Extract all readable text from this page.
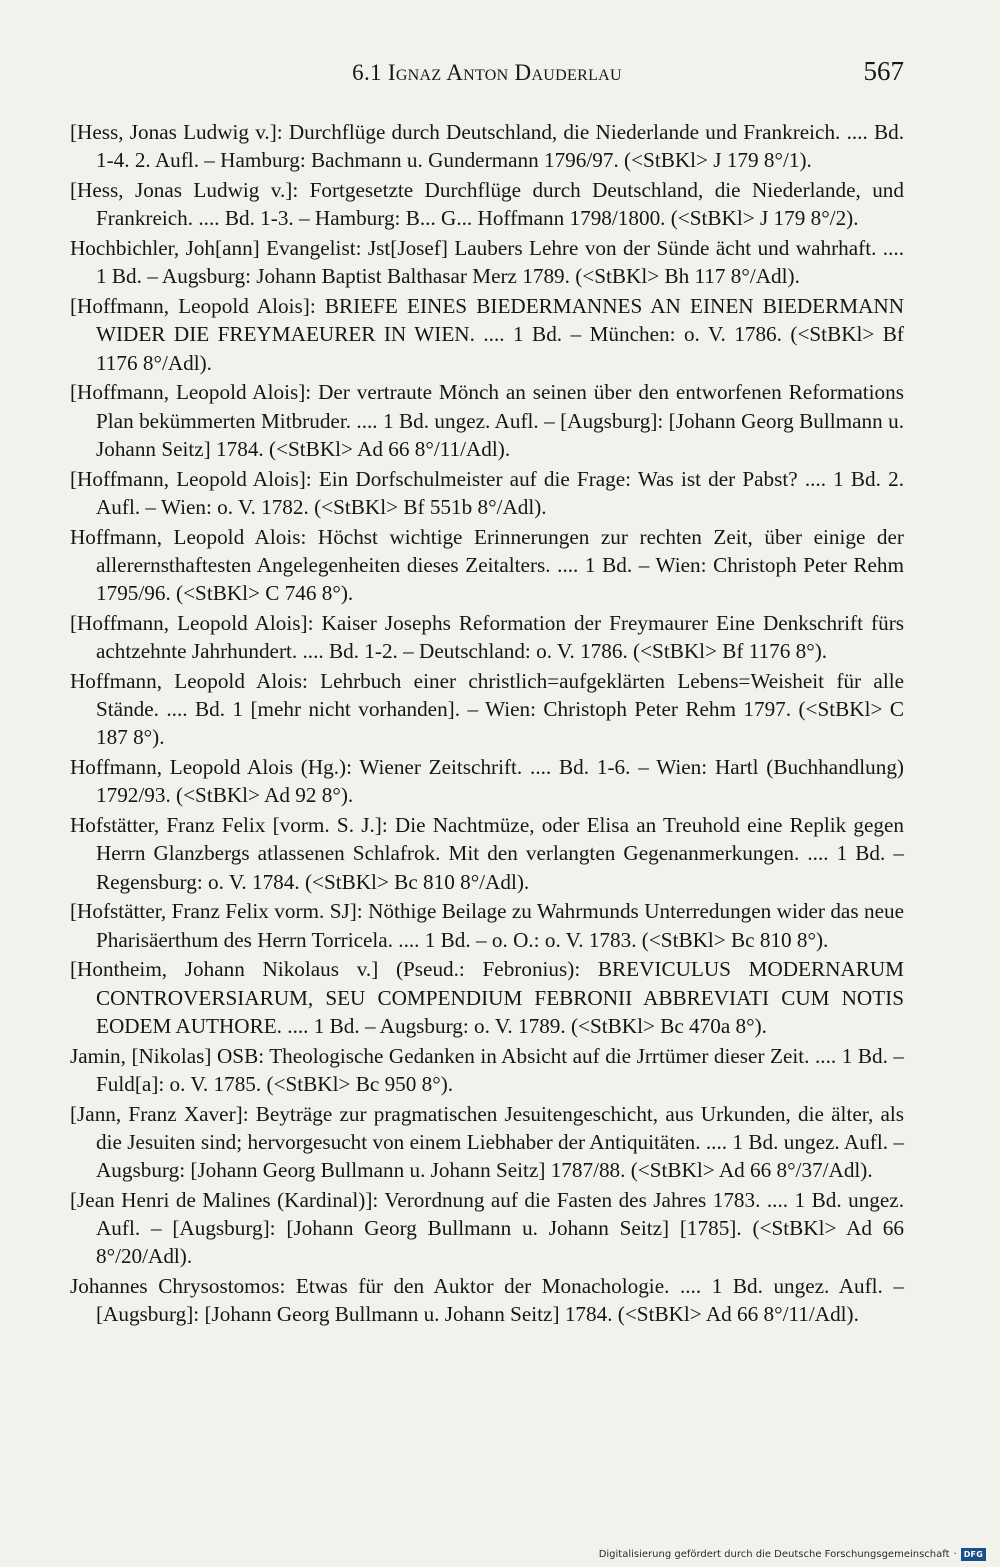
6.1 Ignaz Anton Dauderlau	567
[Hess, Jonas Ludwig v.]: Durchflüge durch Deutschland, die Niederlande und Frankreich. .... Bd. 1-4. 2. Aufl. – Hamburg: Bachmann u. Gundermann 1796/97. (<StBKl> J 179 8°/1).
[Hess, Jonas Ludwig v.]: Fortgesetzte Durchflüge durch Deutschland, die Niederlande, und Frankreich. .... Bd. 1-3. – Hamburg: B... G... Hoffmann 1798/1800. (<StBKl> J 179 8°/2).
Hochbichler, Joh[ann] Evangelist: Jst[Josef] Laubers Lehre von der Sünde ächt und wahrhaft. .... 1 Bd. – Augsburg: Johann Baptist Balthasar Merz 1789. (<StBKl> Bh 117 8°/Adl).
[Hoffmann, Leopold Alois]: BRIEFE EINES BIEDERMANNES AN EINEN BIEDERMANN WIDER DIE FREYMAEURER IN WIEN. .... 1 Bd. – München: o. V. 1786. (<StBKl> Bf 1176 8°/Adl).
[Hoffmann, Leopold Alois]: Der vertraute Mönch an seinen über den entworfenen Reformations Plan bekümmerten Mitbruder. .... 1 Bd. ungez. Aufl. – [Augsburg]: [Johann Georg Bullmann u. Johann Seitz] 1784. (<StBKl> Ad 66 8°/11/Adl).
[Hoffmann, Leopold Alois]: Ein Dorfschulmeister auf die Frage: Was ist der Pabst? .... 1 Bd. 2. Aufl. – Wien: o. V. 1782. (<StBKl> Bf 551b 8°/Adl).
Hoffmann, Leopold Alois: Höchst wichtige Erinnerungen zur rechten Zeit, über einige der allerernsthaftesten Angelegenheiten dieses Zeitalters. .... 1 Bd. – Wien: Christoph Peter Rehm 1795/96. (<StBKl> C 746 8°).
[Hoffmann, Leopold Alois]: Kaiser Josephs Reformation der Freymaurer Eine Denkschrift fürs achtzehnte Jahrhundert. .... Bd. 1-2. – Deutschland: o. V. 1786. (<StBKl> Bf 1176 8°).
Hoffmann, Leopold Alois: Lehrbuch einer christlich=aufgeklärten Lebens=Weisheit für alle Stände. .... Bd. 1 [mehr nicht vorhanden]. – Wien: Christoph Peter Rehm 1797. (<StBKl> C 187 8°).
Hoffmann, Leopold Alois (Hg.): Wiener Zeitschrift. .... Bd. 1-6. – Wien: Hartl (Buchhandlung) 1792/93. (<StBKl> Ad 92 8°).
Hofstätter, Franz Felix [vorm. S. J.]: Die Nachtmüze, oder Elisa an Treuhold eine Replik gegen Herrn Glanzbergs atlassenen Schlafrok. Mit den verlangten Gegenanmerkungen. .... 1 Bd. – Regensburg: o. V. 1784. (<StBKl> Bc 810 8°/Adl).
[Hofstätter, Franz Felix vorm. SJ]: Nöthige Beilage zu Wahrmunds Unterredungen wider das neue Pharisäerthum des Herrn Torricela. .... 1 Bd. – o. O.: o. V. 1783. (<StBKl> Bc 810 8°).
[Hontheim, Johann Nikolaus v.] (Pseud.: Febronius): BREVICULUS MODERNARUM CONTROVERSIARUM, SEU COMPENDIUM FEBRONII ABBREVIATI CUM NOTIS EODEM AUTHORE. .... 1 Bd. – Augsburg: o. V. 1789. (<StBKl> Bc 470a 8°).
Jamin, [Nikolas] OSB: Theologische Gedanken in Absicht auf die Jrrtümer dieser Zeit. .... 1 Bd. – Fuld[a]: o. V. 1785. (<StBKl> Bc 950 8°).
[Jann, Franz Xaver]: Beyträge zur pragmatischen Jesuitengeschicht, aus Urkunden, die älter, als die Jesuiten sind; hervorgesucht von einem Liebhaber der Antiquitäten. .... 1 Bd. ungez. Aufl. – Augsburg: [Johann Georg Bullmann u. Johann Seitz] 1787/88. (<StBKl> Ad 66 8°/37/Adl).
[Jean Henri de Malines (Kardinal)]: Verordnung auf die Fasten des Jahres 1783. .... 1 Bd. ungez. Aufl. – [Augsburg]: [Johann Georg Bullmann u. Johann Seitz] [1785]. (<StBKl> Ad 66 8°/20/Adl).
Johannes Chrysostomos: Etwas für den Auktor der Monachologie. .... 1 Bd. ungez. Aufl. – [Augsburg]: [Johann Georg Bullmann u. Johann Seitz] 1784. (<StBKl> Ad 66 8°/11/Adl).
Digitalisierung gefördert durch die Deutsche Forschungsgemeinschaft · DFG
